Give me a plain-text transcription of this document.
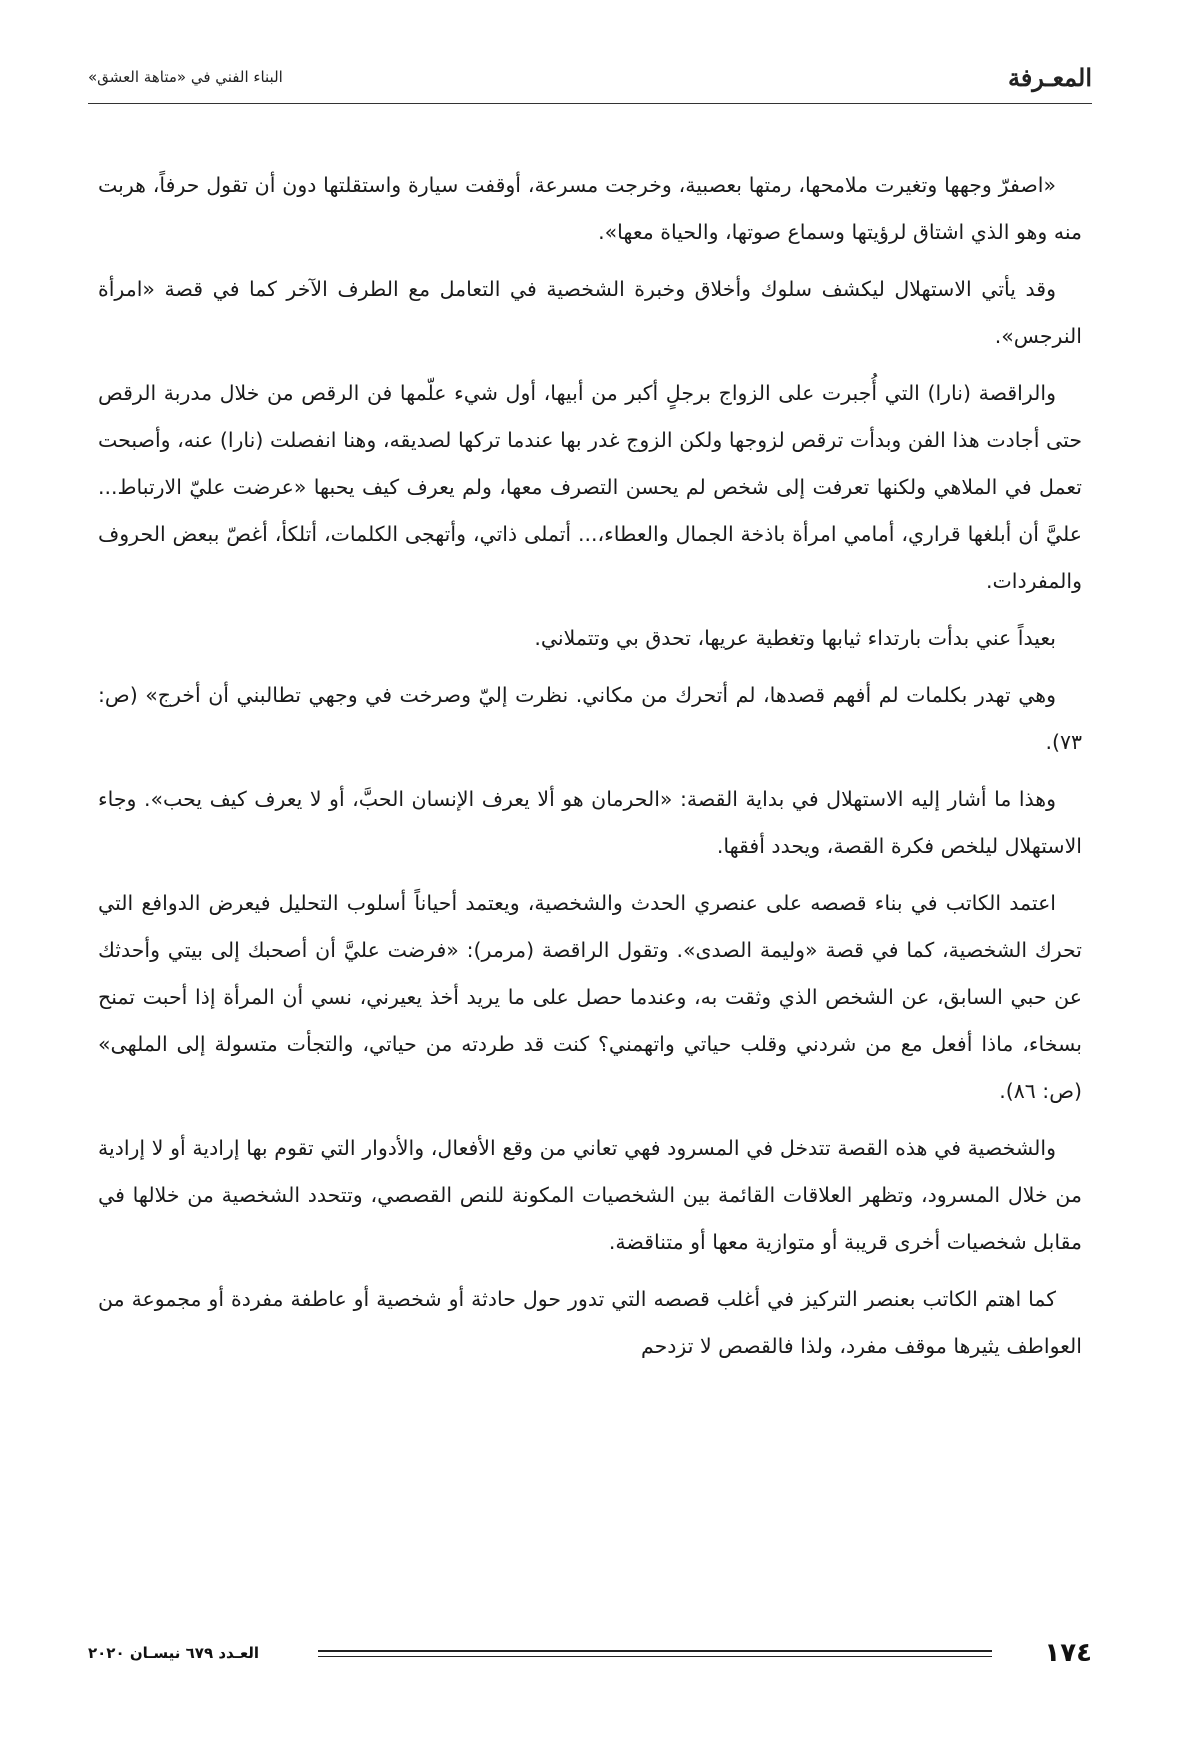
المعـرفة
البناء الفني في «متاهة العشق»

«اصفرّ وجهها وتغيرت ملامحها، رمتها بعصبية، وخرجت مسرعة، أوقفت سيارة واستقلتها دون أن تقول حرفاً، هربت منه وهو الذي اشتاق لرؤيتها وسماع صوتها، والحياة معها».

وقد يأتي الاستهلال ليكشف سلوك وأخلاق وخبرة الشخصية في التعامل مع الطرف الآخر كما في قصة «امرأة النرجس».

والراقصة (نارا) التي أُجبرت على الزواج برجلٍ أكبر من أبيها، أول شيء علّمها فن الرقص من خلال مدربة الرقص حتى أجادت هذا الفن وبدأت ترقص لزوجها ولكن الزوج غدر بها عندما تركها لصديقه، وهنا انفصلت (نارا) عنه، وأصبحت تعمل في الملاهي ولكنها تعرفت إلى شخص لم يحسن التصرف معها، ولم يعرف كيف يحبها «عرضت عليّ الارتباط... عليَّ أن أبلغها قراري، أمامي امرأة باذخة الجمال والعطاء،... أتملى ذاتي، وأتهجى الكلمات، أتلكأ، أغصّ ببعض الحروف والمفردات.

بعيداً عني بدأت بارتداء ثيابها وتغطية عريها، تحدق بي وتتملاني.

وهي تهدر بكلمات لم أفهم قصدها، لم أتحرك من مكاني. نظرت إليّ وصرخت في وجهي تطالبني أن أخرج» (ص: ٧٣).

وهذا ما أشار إليه الاستهلال في بداية القصة: «الحرمان هو ألا يعرف الإنسان الحبَّ، أو لا يعرف كيف يحب». وجاء الاستهلال ليلخص فكرة القصة، ويحدد أفقها.

اعتمد الكاتب في بناء قصصه على عنصري الحدث والشخصية، ويعتمد أحياناً أسلوب التحليل فيعرض الدوافع التي تحرك الشخصية، كما في قصة «وليمة الصدى». وتقول الراقصة (مرمر): «فرضت عليَّ أن أصحبك إلى بيتي وأحدثك عن حبي السابق، عن الشخص الذي وثقت به، وعندما حصل على ما يريد أخذ يعيرني، نسي أن المرأة إذا أحبت تمنح بسخاء، ماذا أفعل مع من شردني وقلب حياتي واتهمني؟ كنت قد طردته من حياتي، والتجأت متسولة إلى الملهى» (ص: ٨٦).

والشخصية في هذه القصة تتدخل في المسرود فهي تعاني من وقع الأفعال، والأدوار التي تقوم بها إرادية أو لا إرادية من خلال المسرود، وتظهر العلاقات القائمة بين الشخصيات المكونة للنص القصصي، وتتحدد الشخصية من خلالها في مقابل شخصيات أخرى قريبة أو متوازية معها أو متناقضة.

كما اهتم الكاتب بعنصر التركيز في أغلب قصصه التي تدور حول حادثة أو شخصية أو عاطفة مفردة أو مجموعة من العواطف يثيرها موقف مفرد، ولذا فالقصص لا تزدحم

١٧٤
العـدد ٦٧٩ نيسـان ٢٠٢٠
